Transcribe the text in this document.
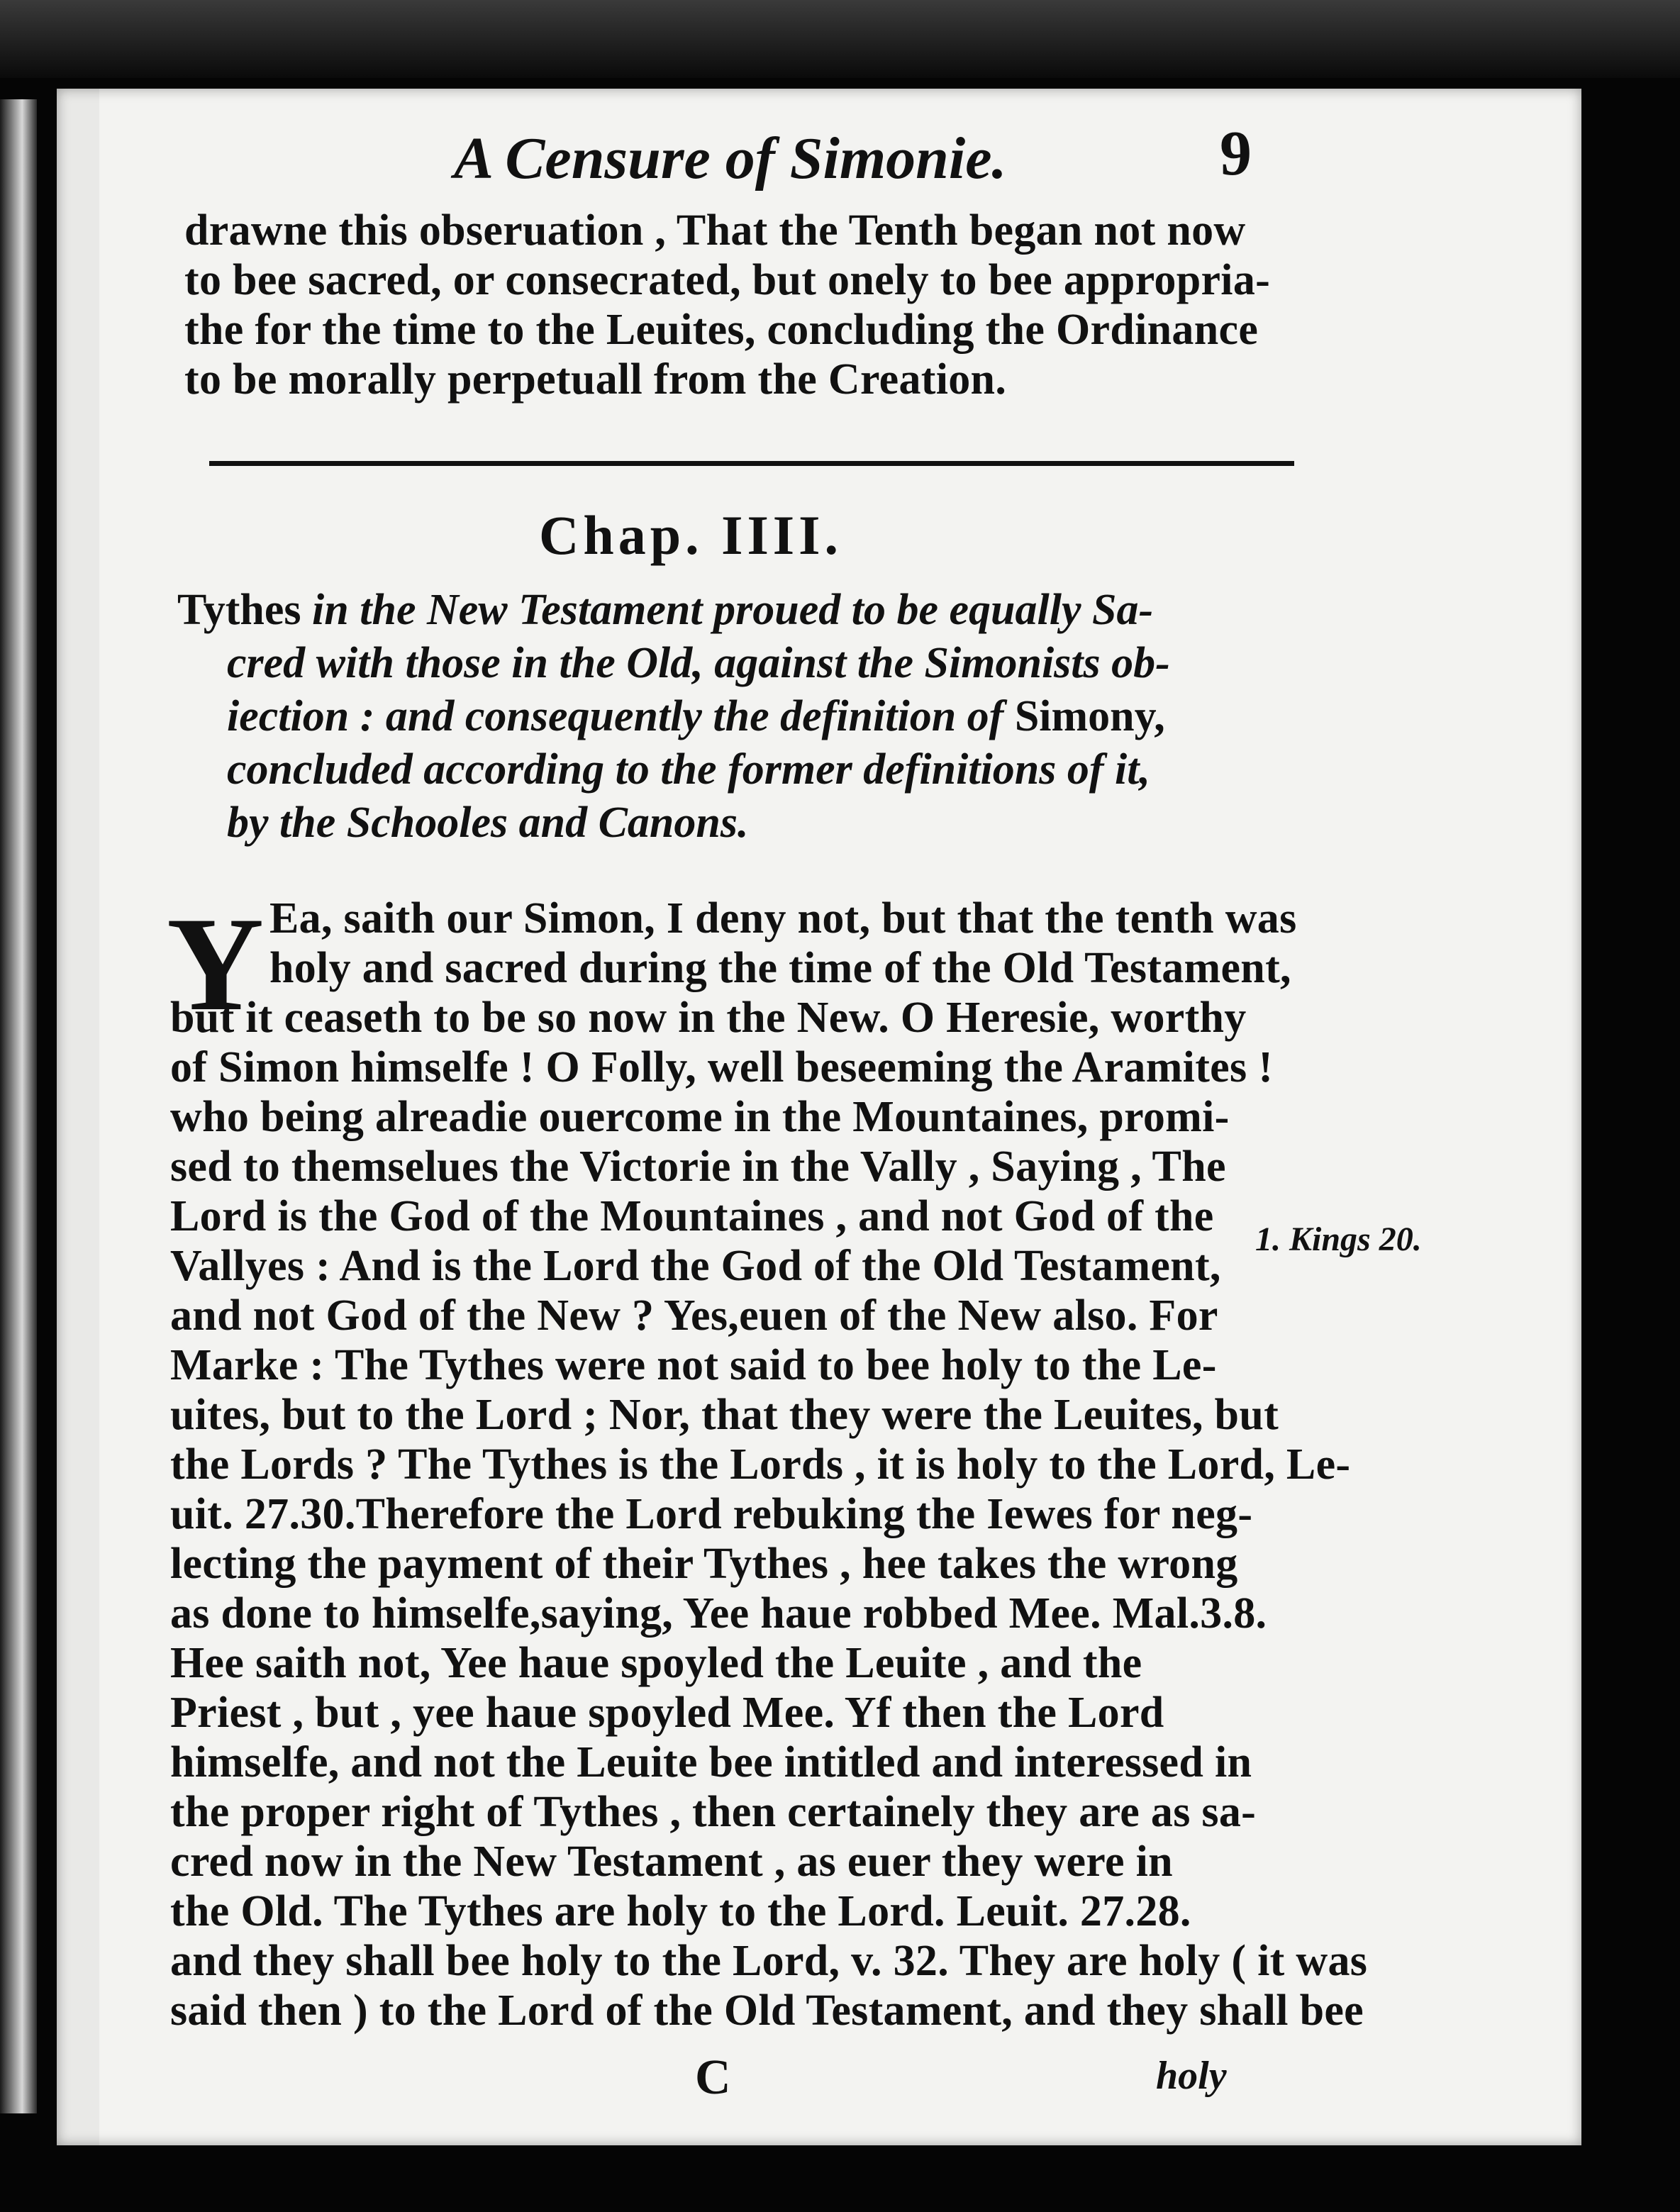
A Censure of Simonie.	9
drawne this obseruation , That the Tenth began not now
to bee sacred, or consecrated, but onely to bee appropria-
the for the time to the Leuites, concluding the Ordinance
to be morally perpetuall from the Creation.
Chap. IIII.
Tythes in the New Testament proued to be equally Sa-
cred with those in the Old, against the Simonists ob-
iection : and consequently the definition of Simony,
concluded according to the former definitions of it,
by the Schooles and Canons.
Y Ea, saith our Simon, I deny not, but that the tenth was
holy and sacred during the time of the Old Testament,
but it ceaseth to be so now in the New. O Heresie, worthy
of Simon himselfe ! O Folly, well beseeming the Aramites !
who being alreadie ouercome in the Mountaines, promi-
sed to themselues the Victorie in the Vally , Saying , The
Lord is the God of the Mountaines , and not God of the
Vallyes : And is the Lord the God of the Old Testament,
and not God of the New ? Yes,euen of the New also. For
Marke : The Tythes were not said to bee holy to the Le-
uites, but to the Lord ; Nor, that they were the Leuites, but
the Lords ? The Tythes is the Lords , it is holy to the Lord, Le-
uit. 27.30.Therefore the Lord rebuking the Iewes for neg-
lecting the payment of their Tythes , hee takes the wrong
as done to himselfe,saying, Yee haue robbed Mee. Mal.3.8.
Hee saith not, Yee haue spoyled the Leuite , and the
Priest , but , yee haue spoyled Mee. Yf then the Lord
himselfe, and not the Leuite bee intitled and interessed in
the proper right of Tythes , then certainely they are as sa-
cred now in the New Testament , as euer they were in
the Old. The Tythes are holy to the Lord. Leuit. 27.28.
and they shall bee holy to the Lord, v. 32. They are holy ( it was
said then ) to the Lord of the Old Testament, and they shall bee
1. Kings 20.
C	holy
